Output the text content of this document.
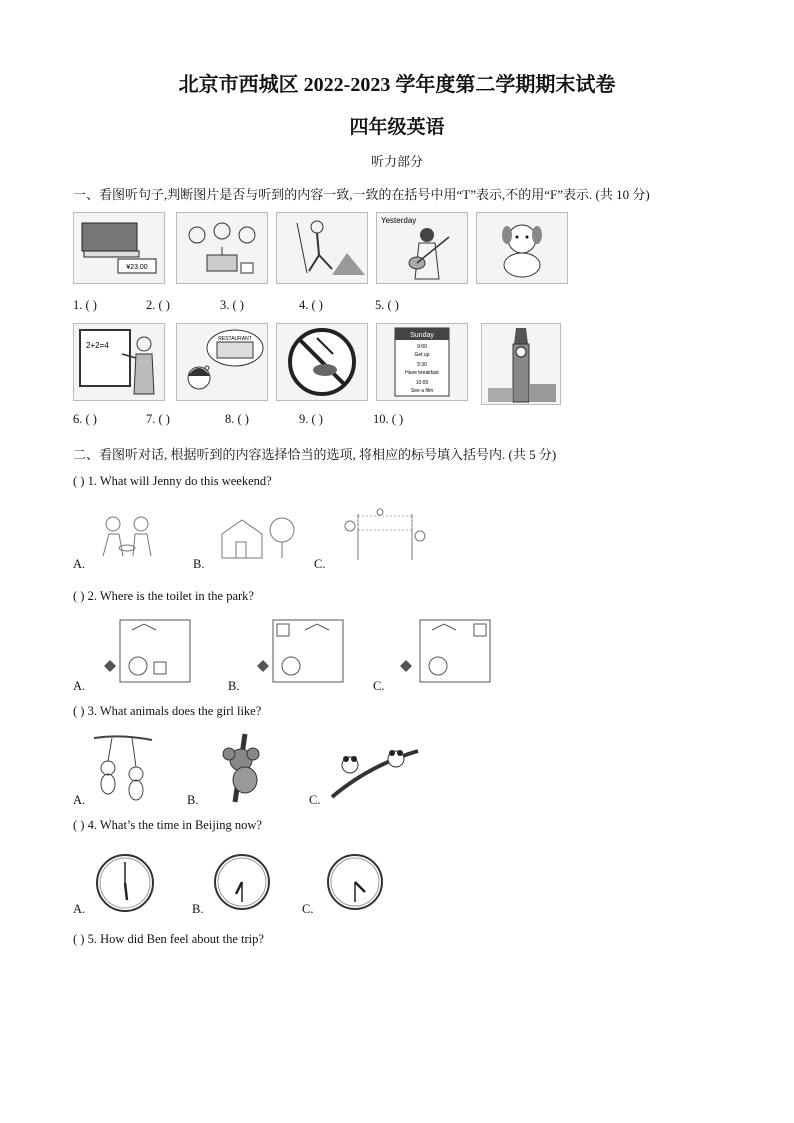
北京市西城区 2022-2023 学年度第二学期期末试卷
四年级英语
听力部分
一、看图听句子,判断图片是否与听到的内容一致,一致的在括号中用“T”表示,不的用“F”表示. (共 10 分)
¥23.00
Yesterday
1. ( )	2. ( )	3. ( )	4. ( )	5. ( )
2+2=4
RESTAURANT	Sunday
9:00
Get up
9:30
Have breakfast
10:00
See a film
6. ( )	7. ( )	8. ( )	9. ( )	10. ( )
二、看图听对话, 根据听到的内容选择恰当的选项, 将相应的标号填入括号内. (共 5 分)
( ) 1. What will Jenny do this weekend?
A.	B.	C.
( ) 2. Where is the toilet in the park?
A.	B.	C.
( ) 3. What animals does the girl like?
A.	B.	C.
( ) 4. What’s the time in Beijing now?
A.	B.	C.
( ) 5. How did Ben feel about the trip?
